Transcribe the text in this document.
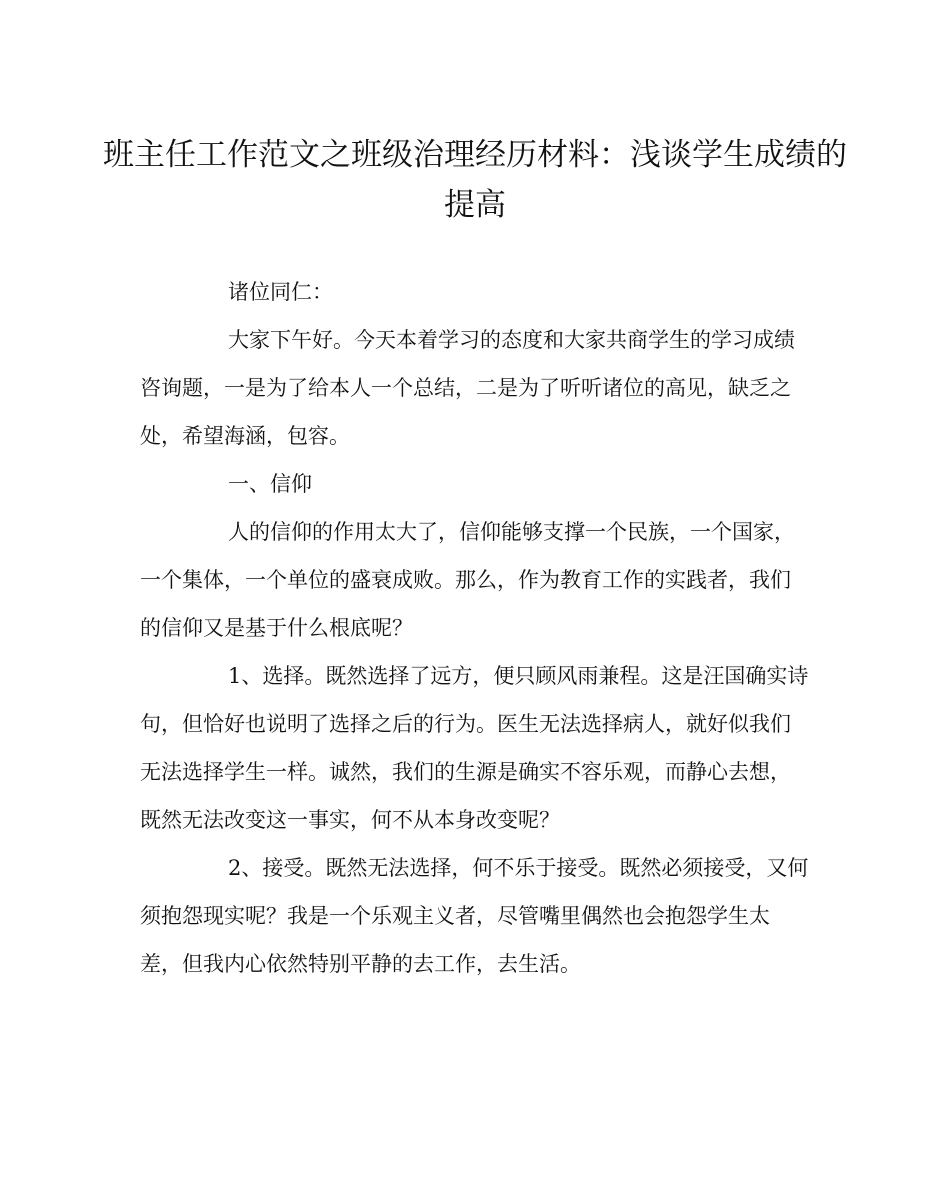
班主任工作范文之班级治理经历材料：浅谈学生成绩的
提高

诸位同仁：

大家下午好。今天本着学习的态度和大家共商学生的学习成绩咨询题，一是为了给本人一个总结，二是为了听听诸位的高见，缺乏之处，希望海涵，包容。

一、信仰

人的信仰的作用太大了，信仰能够支撑一个民族，一个国家，一个集体，一个单位的盛衰成败。那么，作为教育工作的实践者，我们的信仰又是基于什么根底呢？

1、选择。既然选择了远方，便只顾风雨兼程。这是汪国确实诗句，但恰好也说明了选择之后的行为。医生无法选择病人，就好似我们无法选择学生一样。诚然，我们的生源是确实不容乐观，而静心去想，既然无法改变这一事实，何不从本身改变呢？

2、接受。既然无法选择，何不乐于接受。既然必须接受，又何须抱怨现实呢？我是一个乐观主义者，尽管嘴里偶然也会抱怨学生太差，但我内心依然特别平静的去工作，去生活。
